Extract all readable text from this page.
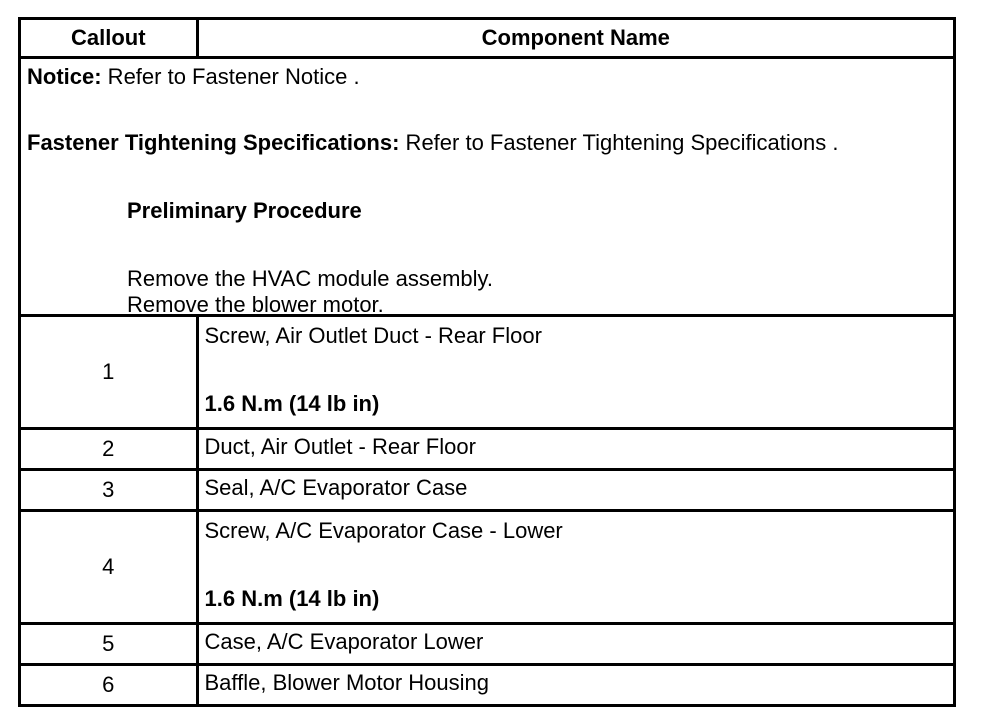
Callout	Component Name

Notice: Refer to Fastener Notice .

Fastener Tightening Specifications: Refer to Fastener Tightening Specifications .

Preliminary Procedure

Remove the HVAC module assembly.

Remove the blower motor.	

1	Screw, Air Outlet Duct - Rear Floor
1.6 N.m (14 lb in)

2	Duct, Air Outlet - Rear Floor
3	Seal, A/C Evaporator Case
4	Screw, A/C Evaporator Case - Lower
1.6 N.m (14 lb in)

5	Case, A/C Evaporator Lower
6	Baffle, Blower Motor Housing
